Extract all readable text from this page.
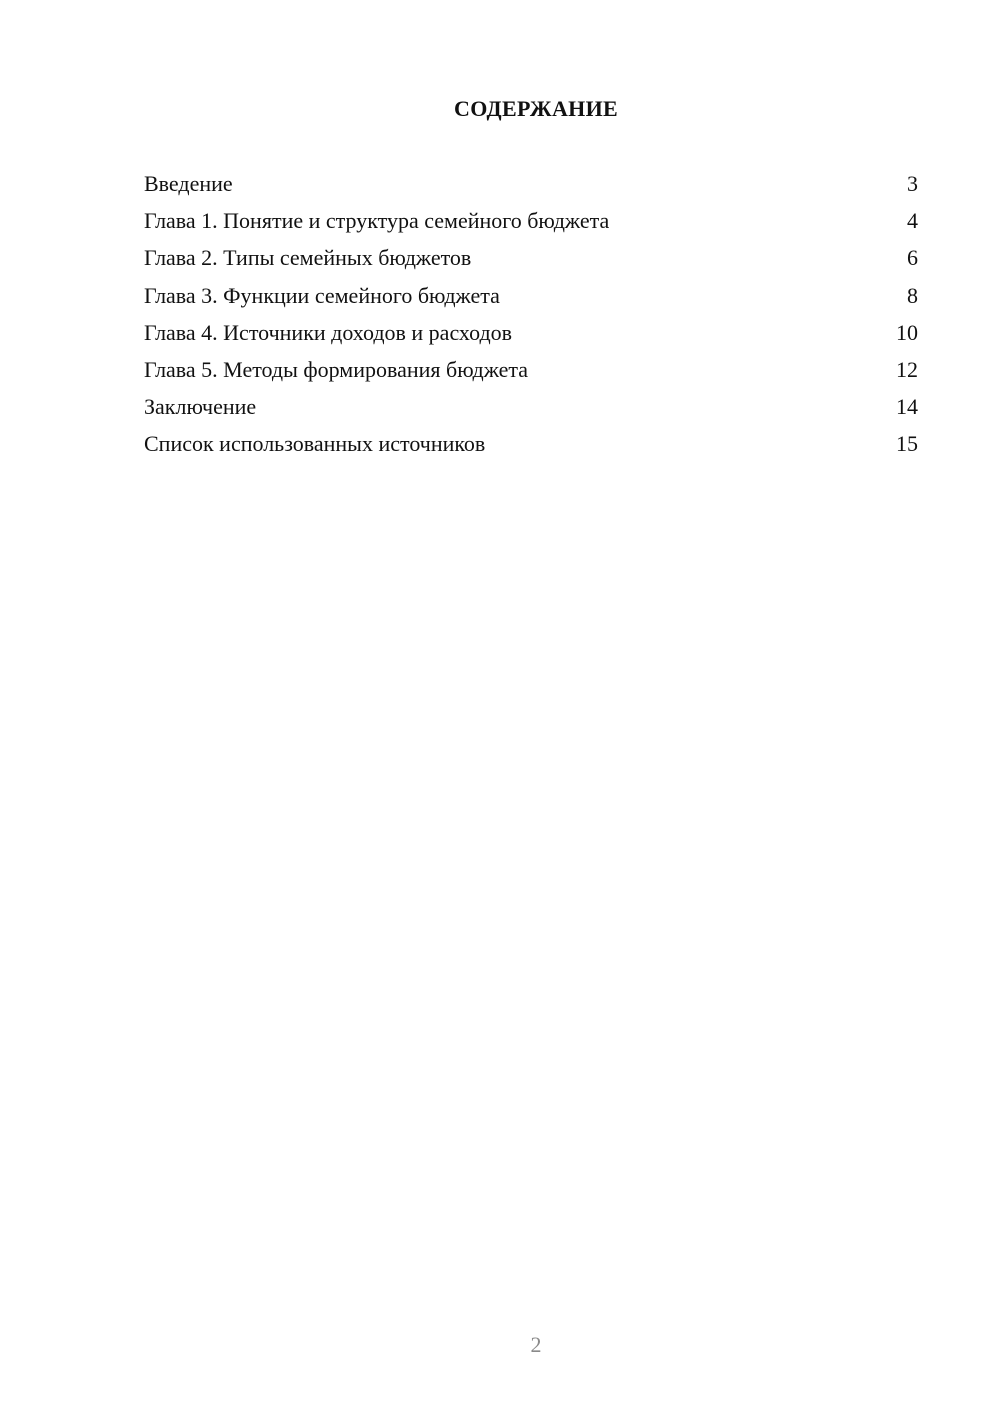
СОДЕРЖАНИЕ
Введение	3
Глава 1. Понятие и структура семейного бюджета	4
Глава 2. Типы семейных бюджетов	6
Глава 3. Функции семейного бюджета	8
Глава 4. Источники доходов и расходов	10
Глава 5. Методы формирования бюджета	12
Заключение	14
Список использованных источников	15
2
